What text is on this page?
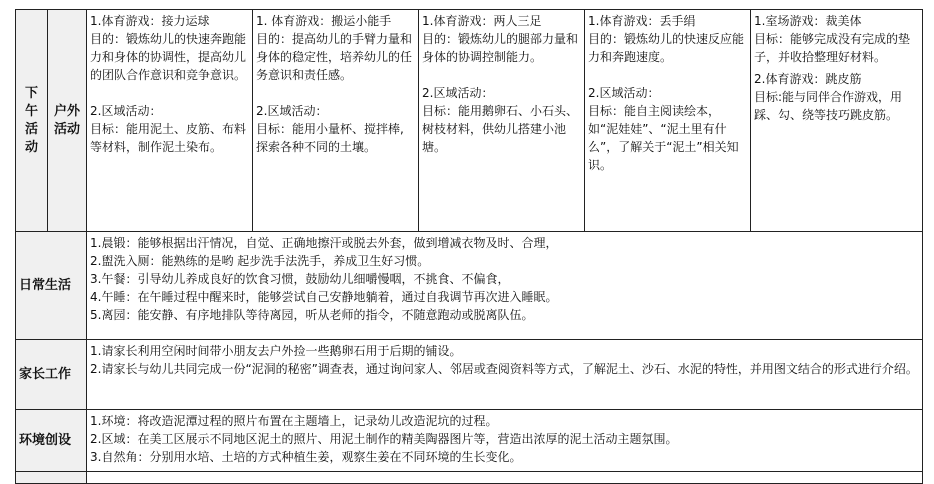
下午活动	户外活动	1.体育游戏：接力运球
目的：锻炼幼儿的快速奔跑能力和身体的协调性，提高幼儿的团队合作意识和竞争意识。
2.区域活动：
目标：能用泥土、皮筋、布料等材料，制作泥土染布。	1. 体育游戏：搬运小能手
目的：提高幼儿的手臂力量和身体的稳定性，培养幼儿的任务意识和责任感。
2.区域活动：
目标：能用小量杯、搅拌棒,探索各种不同的土壤。	1.体育游戏：两人三足
目的：锻炼幼儿的腿部力量和身体的协调控制能力。
2.区域活动：
目标：能用鹅卵石、小石头、树枝材料，供幼儿搭建小池塘。	1.体育游戏：丢手绢
目的：锻炼幼儿的快速反应能力和奔跑速度。
2.区域活动：
目标：能自主阅读绘本，如“泥娃娃”、“泥土里有什么”，了解关于“泥土”相关知识。	1.室场游戏：裁美体
目标：能够完成没有完成的垫子，并收拾整理好材料。
2.体育游戏：跳皮筋
目标:能与同伴合作游戏，用踩、勾、绕等技巧跳皮筋。

日常生活		1.晨锻：能够根据出汗情况，自觉、正确地擦汗或脱去外套，做到增减衣物及时、合理，
2.盥洗入厕：能熟练的是哟 起步洗手法洗手，养成卫生好习惯。
3.午餐：引导幼儿养成良好的饮食习惯，鼓励幼儿细嚼慢咽，不挑食、不偏食，
4.午睡：在午睡过程中醒来时，能够尝试自己安静地躺着，通过自我调节再次进入睡眠。
5.离园：能安静、有序地排队等待离园，听从老师的指令，不随意跑动或脱离队伍。				

家长工作		1.请家长利用空闲时间带小朋友去户外捡一些鹅卵石用于后期的铺设。
2.请家长与幼儿共同完成一份“泥洞的秘密”调查表，通过询问家人、邻居或查阅资料等方式，了解泥土、沙石、水泥的特性，并用图文结合的形式进行介绍。				

环境创设		1.环境：将改造泥潭过程的照片布置在主题墙上，记录幼儿改造泥坑的过程。
2.区域：在美工区展示不同地区泥土的照片、用泥土制作的精美陶器图片等，营造出浓厚的泥土活动主题氛围。
3.自然角：分别用水培、土培的方式种植生姜，观察生姜在不同环境的生长变化。				
